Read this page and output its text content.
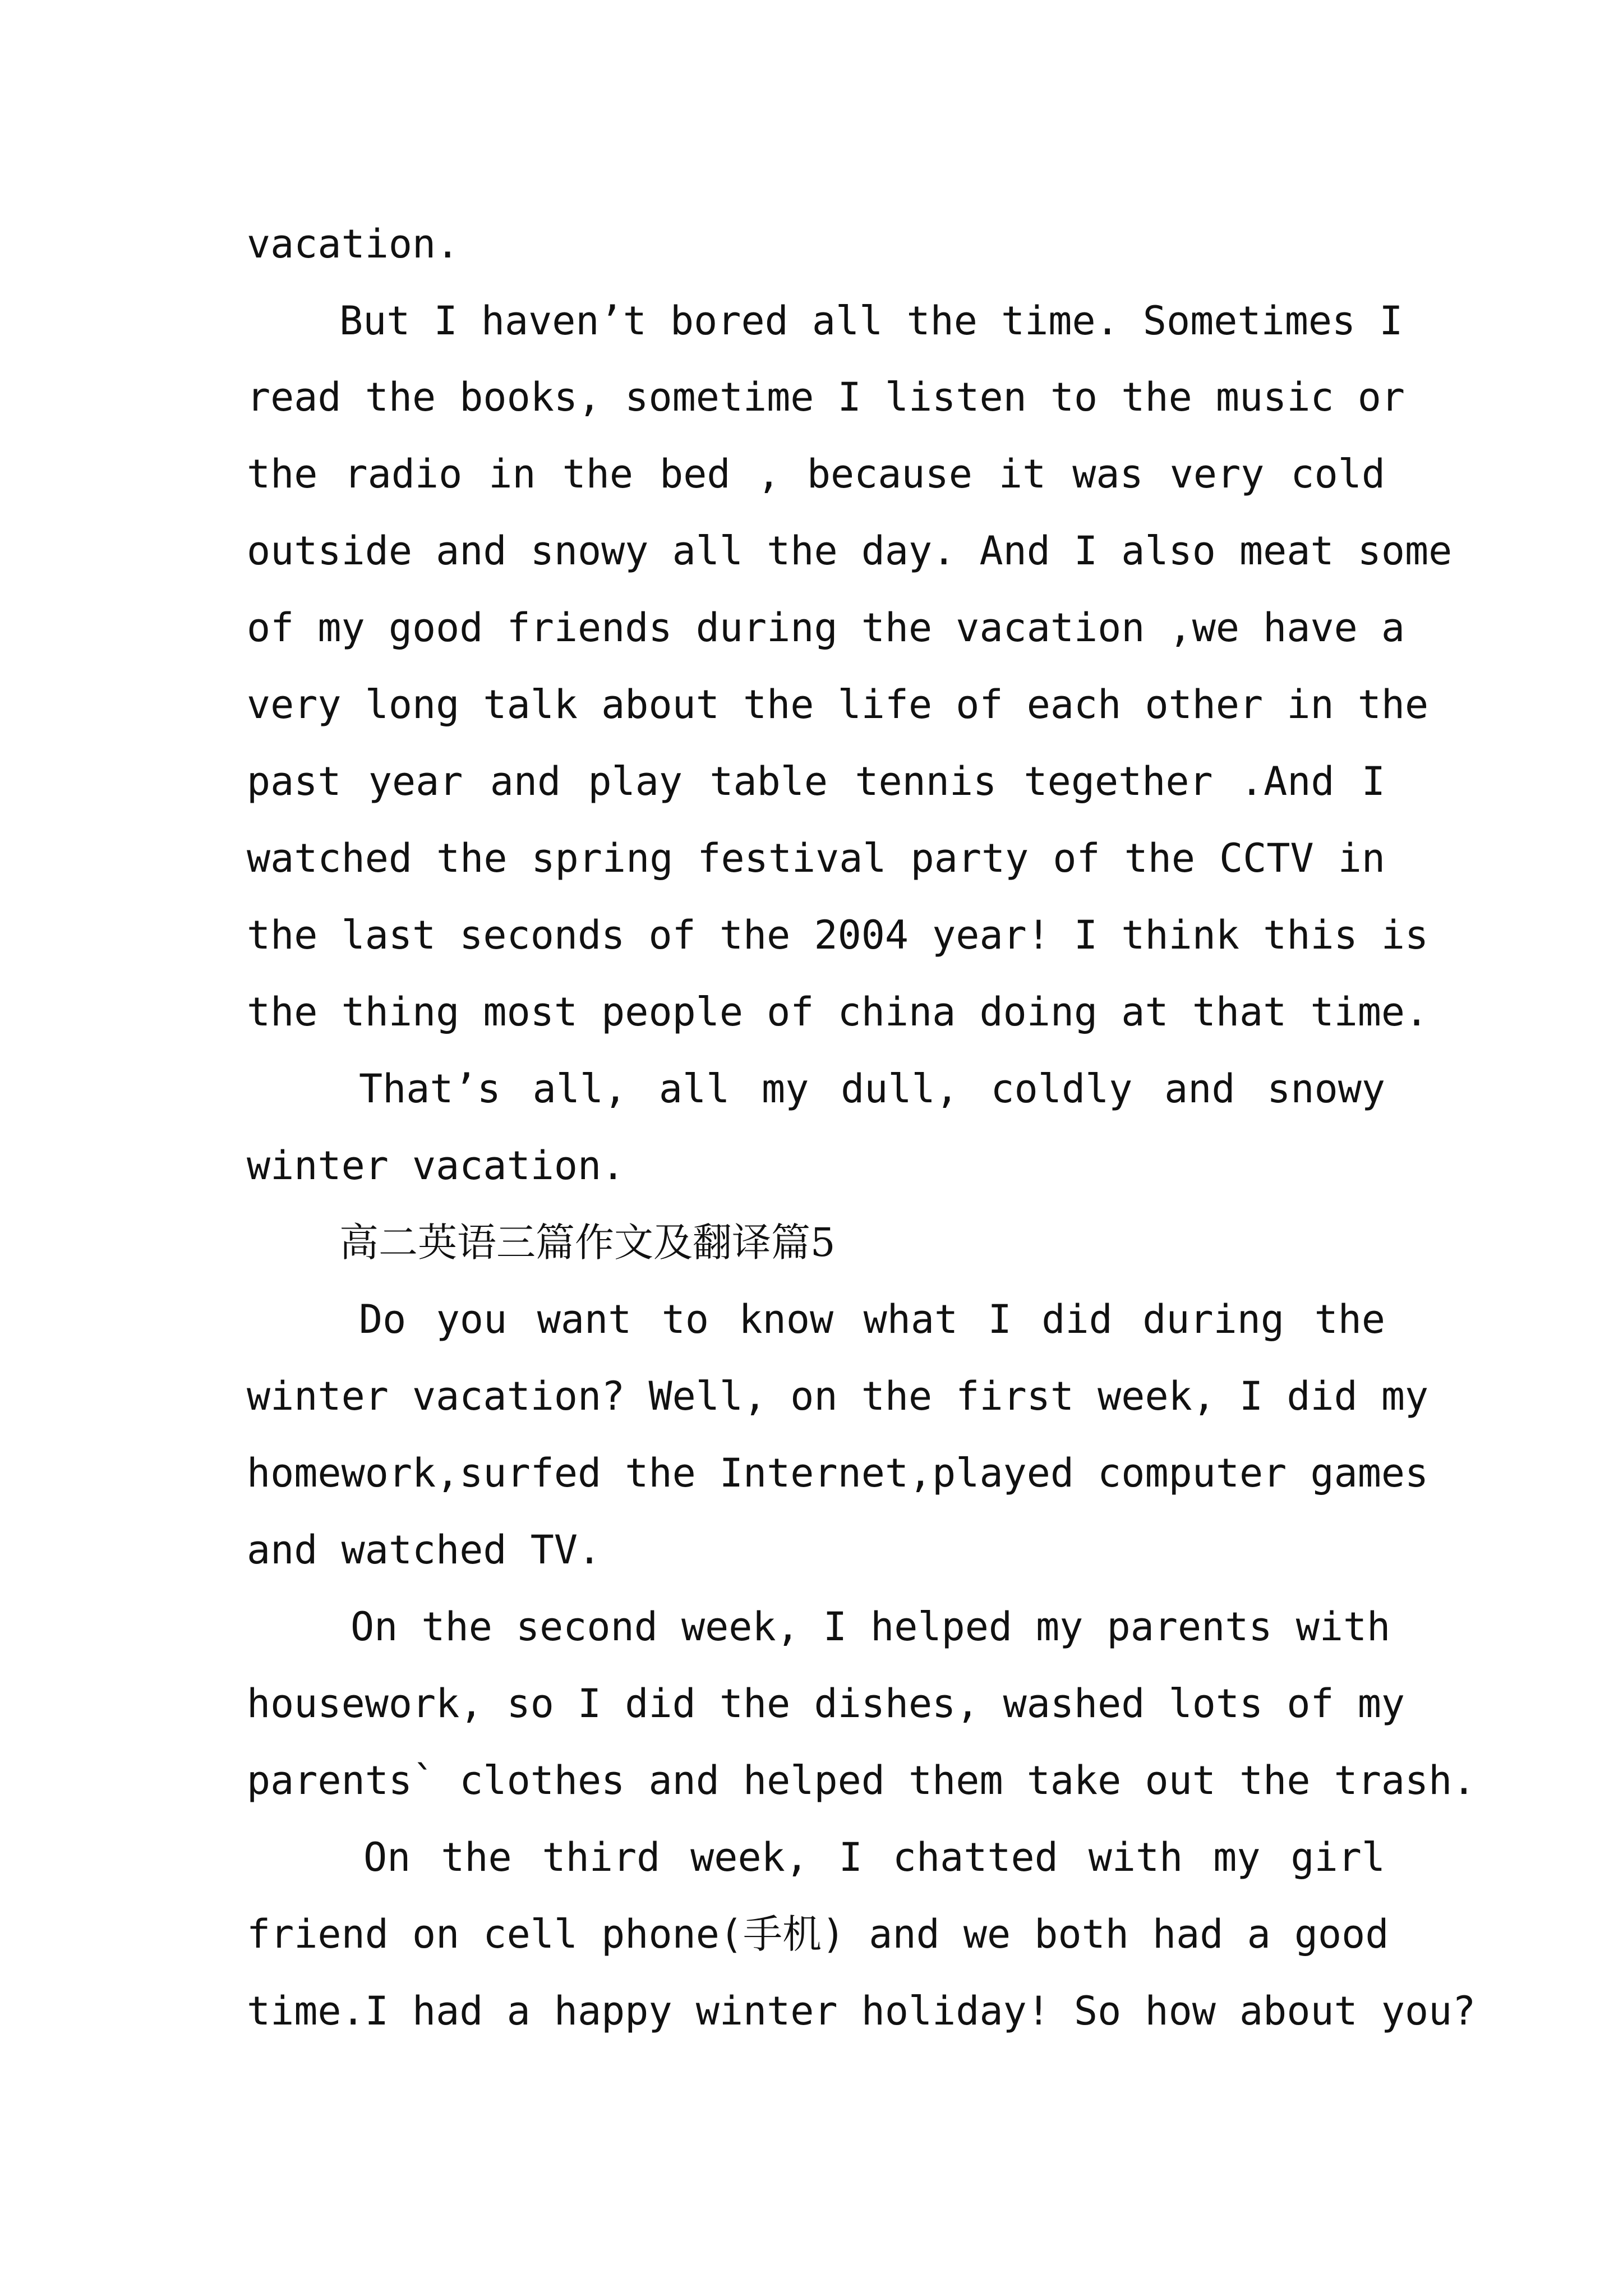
vacation.

But I haven’t bored all the time. Sometimes I

read the books, sometime I listen to the music or

the radio in the bed , because it was very cold

outside and snowy all the day. And I also meat some

of my good friends during the vacation ,we have a

very long talk about the life of each other in the

past year and play table tennis tegether .And I

watched the spring festival party of the CCTV in

the last seconds of the 2004 year! I think this is

the thing most people of china doing at that time.

That’s all, all my dull, coldly and snowy

winter vacation.

高二英语三篇作文及翻译篇5

Do you want to know what I did during the

winter vacation? Well, on the first week, I did my

homework,surfed the Internet,played computer games

and watched TV.

On the second week, I helped my parents with

housework, so I did the dishes, washed lots of my

parents` clothes and helped them take out the trash.

On the third week, I chatted with my girl

friend on cell phone(手机) and we both had a good

time.I had a happy winter holiday! So how about you?
